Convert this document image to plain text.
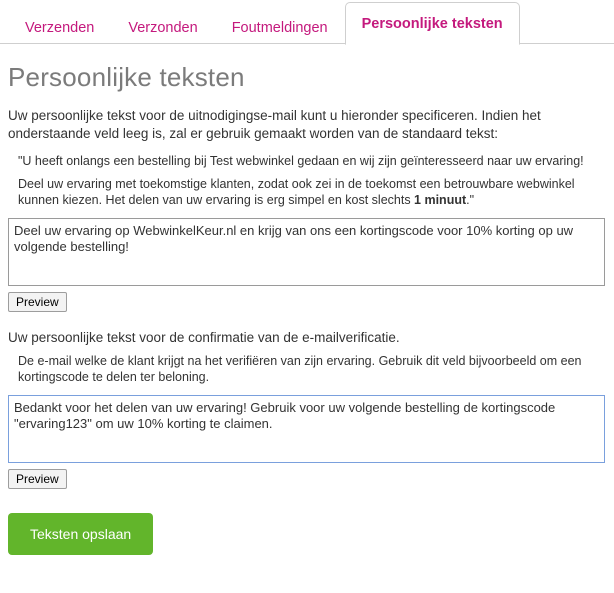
Verzenden	Verzonden	Foutmeldingen	Persoonlijke teksten
Persoonlijke teksten

Uw persoonlijke tekst voor de uitnodigingse-mail kunt u hieronder specificeren. Indien het onderstaande veld leeg is, zal er gebruik gemaakt worden van de standaard tekst:

"U heeft onlangs een bestelling bij Test webwinkel gedaan en wij zijn geïnteresseerd naar uw ervaring!

Deel uw ervaring met toekomstige klanten, zodat ook zei in de toekomst een betrouwbare webwinkel kunnen kiezen. Het delen van uw ervaring is erg simpel en kost slechts 1 minuut."

Deel uw ervaring op WebwinkelKeur.nl en krijg van ons een kortingscode voor 10% korting op uw volgende bestelling! Preview

Uw persoonlijke tekst voor de confirmatie van de e-mailverificatie.

De e-mail welke de klant krijgt na het verifiëren van zijn ervaring. Gebruik dit veld bijvoorbeeld om een kortingscode te delen ter beloning.

Bedankt voor het delen van uw ervaring! Gebruik voor uw volgende bestelling de kortingscode "ervaring123" om uw 10% korting te claimen. Preview
Teksten opslaan
